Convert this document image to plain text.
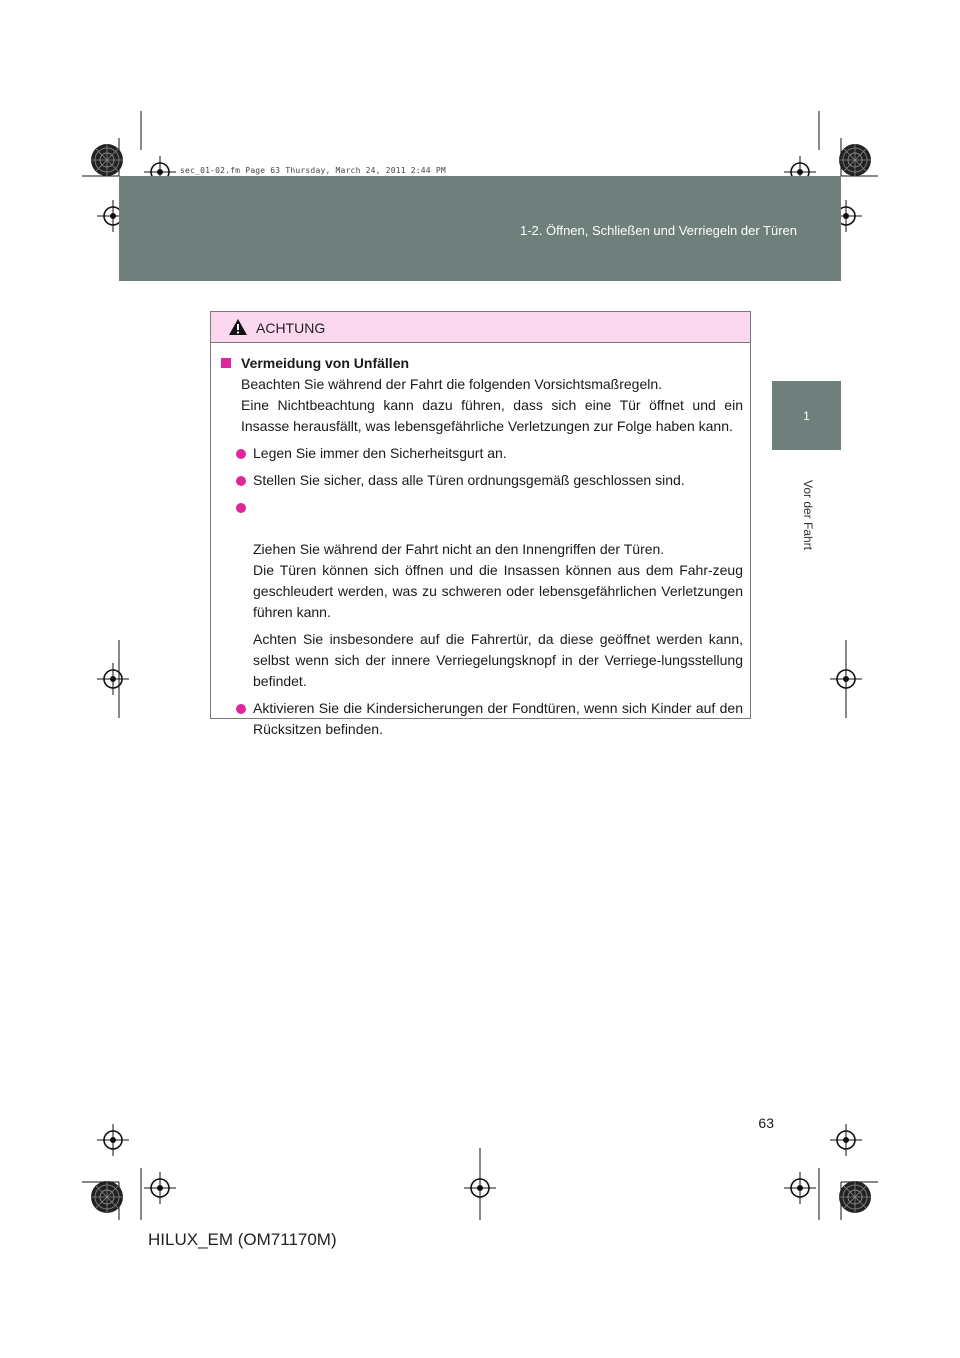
sec_01-02.fm Page 63 Thursday, March 24, 2011 2:44 PM
1-2. Öffnen, Schließen und Verriegeln der Türen
1
Vor der Fahrt
ACHTUNG
Vermeidung von Unfällen
Beachten Sie während der Fahrt die folgenden Vorsichtsmaßregeln.
Eine Nichtbeachtung kann dazu führen, dass sich eine Tür öffnet und ein Insasse herausfällt, was lebensgefährliche Verletzungen zur Folge haben kann.
Legen Sie immer den Sicherheitsgurt an.
Stellen Sie sicher, dass alle Türen ordnungsgemäß geschlossen sind.

Ziehen Sie während der Fahrt nicht an den Innengriffen der Türen.
Die Türen können sich öffnen und die Insassen können aus dem Fahr-zeug geschleudert werden, was zu schweren oder lebensgefährlichen Verletzungen führen kann.

Achten Sie insbesondere auf die Fahrertür, da diese geöffnet werden kann, selbst wenn sich der innere Verriegelungsknopf in der Verriege-lungsstellung befindet.
Aktivieren Sie die Kindersicherungen der Fondtüren, wenn sich Kinder auf den Rücksitzen befinden.
63
HILUX_EM (OM71170M)
